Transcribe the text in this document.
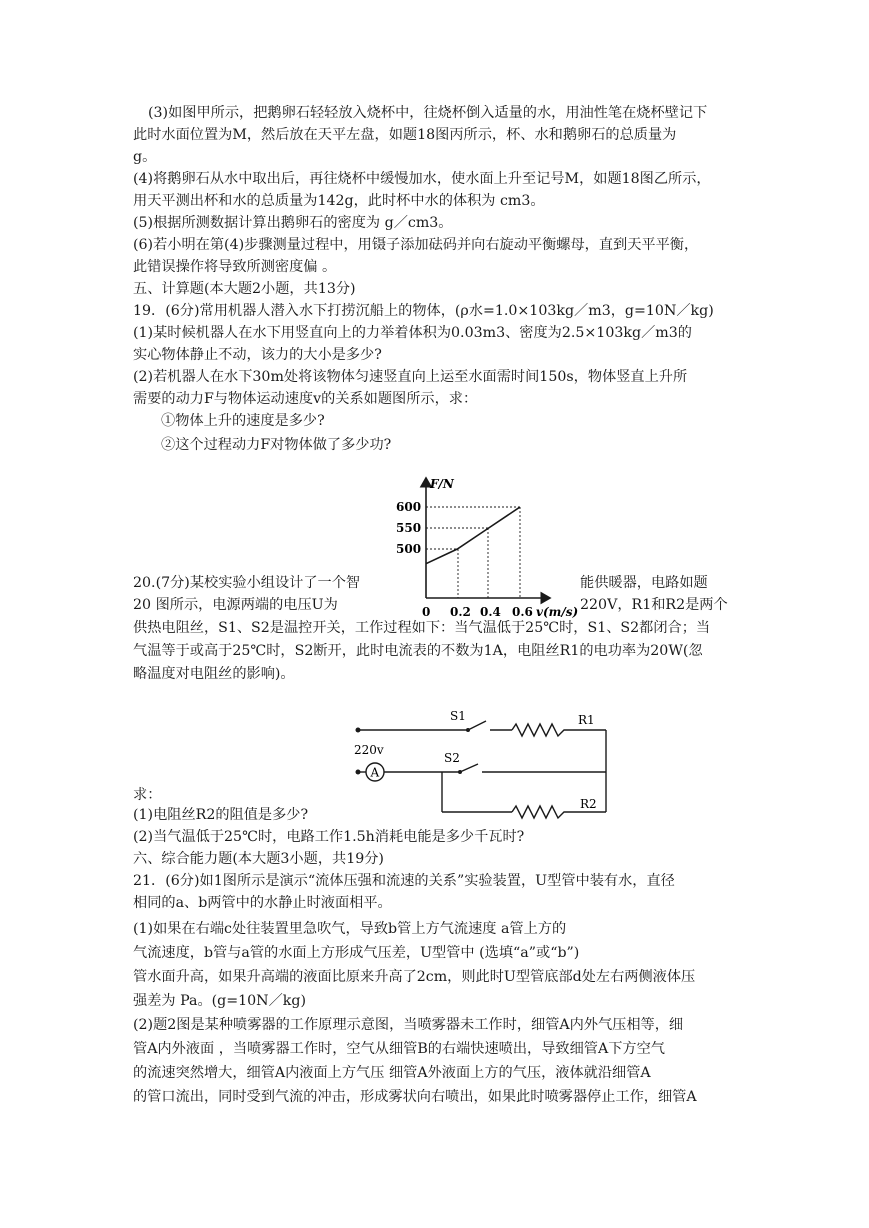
(3)如图甲所示，把鹅卵石轻轻放入烧杯中，往烧杯倒入适量的水，用油性笔在烧杯壁记下
此时水面位置为M，然后放在天平左盘，如题18图丙所示，杯、水和鹅卵石的总质量为
g。
(4)将鹅卵石从水中取出后，再往烧杯中缓慢加水，使水面上升至记号M，如题18图乙所示，
用天平测出杯和水的总质量为142g，此时杯中水的体积为 cm3。
(5)根据所测数据计算出鹅卵石的密度为 g／cm3。
(6)若小明在第(4)步骤测量过程中，用镊子添加砝码并向右旋动平衡螺母，直到天平平衡，
此错误操作将导致所测密度偏 。
五、计算题(本大题2小题，共13分)
19．(6分)常用机器人潜入水下打捞沉船上的物体，(ρ水=1.0×103kg／m3，g=10N／kg)
(1)某时候机器人在水下用竖直向上的力举着体积为0.03m3、密度为2.5×103kg／m3的
实心物体静止不动，该力的大小是多少?
(2)若机器人在水下30m处将该物体匀速竖直向上运至水面需时间150s，物体竖直上升所
需要的动力F与物体运动速度v的关系如题图所示，求：
①物体上升的速度是多少?
②这个过程动力F对物体做了多少功?
20.(7分)某校实验小组设计了一个智	能供暖器，电路如题
20 图所示，电源两端的电压U为	220V，R1和R2是两个
供热电阻丝，S1、S2是温控开关，工作过程如下：当气温低于25℃时，S1、S2都闭合；当
气温等于或高于25℃时，S2断开，此时电流表的不数为1A，电阻丝R1的电功率为20W(忽
略温度对电阻丝的影响)。
求：
(1)电阻丝R2的阻值是多少?
(2)当气温低于25℃时，电路工作1.5h消耗电能是多少千瓦时?
六、综合能力题(本大题3小题，共19分)
21．(6分)如1图所示是演示“流体压强和流速的关系”实验装置，U型管中装有水，直径
相同的a、b两管中的水静止时液面相平。
(1)如果在右端c处往装置里急吹气，导致b管上方气流速度 a管上方的
气流速度，b管与a管的水面上方形成气压差，U型管中 (选填“a”或“b”)
管水面升高，如果升高端的液面比原来升高了2cm，则此时U型管底部d处左右两侧液体压
强差为 Pa。(g=10N／kg)
(2)题2图是某种喷雾器的工作原理示意图，当喷雾器未工作时，细管A内外气压相等，细
管A内外液面 ，当喷雾器工作时，空气从细管B的右端快速喷出，导致细管A下方空气
的流速突然增大，细管A内液面上方气压 细管A外液面上方的气压，液体就沿细管A
的管口流出，同时受到气流的冲击，形成雾状向右喷出，如果此时喷雾器停止工作，细管A
F/N
600
550
500
0 0.2 0.4 0.6 v(m/s)
A
220v
S1
S2
R1
R2
